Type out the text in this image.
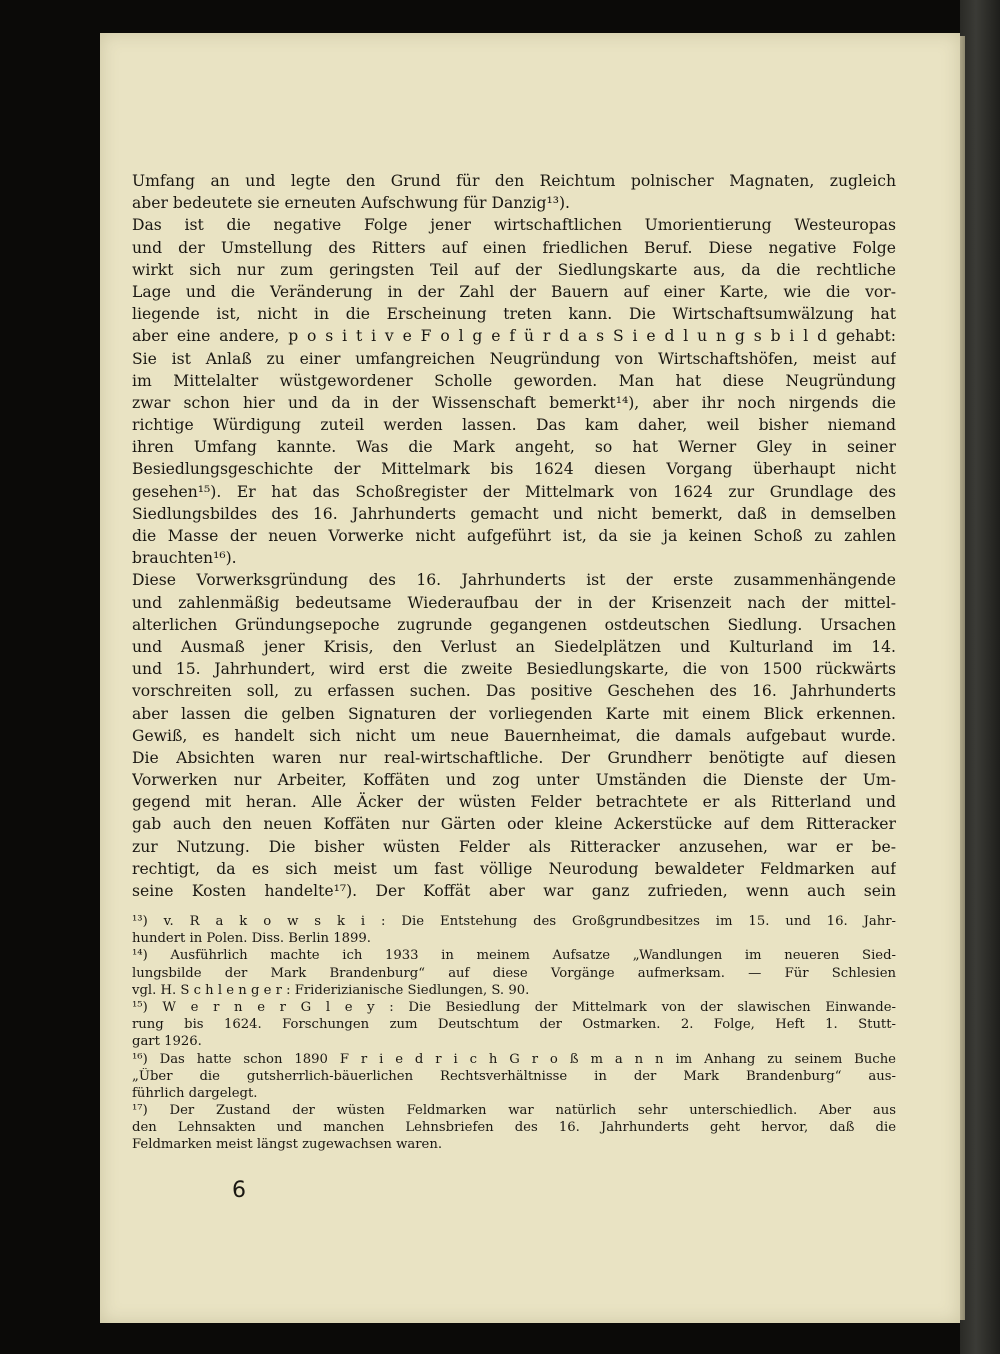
Umfang an und legte den Grund für den Reichtum polnischer Magnaten, zugleich
aber bedeutete sie erneuten Aufschwung für Danzig¹³).
Das ist die negative Folge jener wirtschaftlichen Umorientierung Westeuropas
und der Umstellung des Ritters auf einen friedlichen Beruf. Diese negative Folge
wirkt sich nur zum geringsten Teil auf der Siedlungskarte aus, da die rechtliche
Lage und die Veränderung in der Zahl der Bauern auf einer Karte, wie die vor-
liegende ist, nicht in die Erscheinung treten kann. Die Wirtschaftsumwälzung hat
aber eine andere, p o s i t i v e F o l g e f ü r d a s S i e d l u n g s b i l d gehabt:
Sie ist Anlaß zu einer umfangreichen Neugründung von Wirtschaftshöfen, meist auf
im Mittelalter wüstgewordener Scholle geworden. Man hat diese Neugründung
zwar schon hier und da in der Wissenschaft bemerkt¹⁴), aber ihr noch nirgends die
richtige Würdigung zuteil werden lassen. Das kam daher, weil bisher niemand
ihren Umfang kannte. Was die Mark angeht, so hat Werner Gley in seiner
Besiedlungsgeschichte der Mittelmark bis 1624 diesen Vorgang überhaupt nicht
gesehen¹⁵). Er hat das Schoßregister der Mittelmark von 1624 zur Grundlage des
Siedlungsbildes des 16. Jahrhunderts gemacht und nicht bemerkt, daß in demselben
die Masse der neuen Vorwerke nicht aufgeführt ist, da sie ja keinen Schoß zu zahlen
brauchten¹⁶).
Diese Vorwerksgründung des 16. Jahrhunderts ist der erste zusammenhängende
und zahlenmäßig bedeutsame Wiederaufbau der in der Krisenzeit nach der mittel-
alterlichen Gründungsepoche zugrunde gegangenen ostdeutschen Siedlung. Ursachen
und Ausmaß jener Krisis, den Verlust an Siedelplätzen und Kulturland im 14.
und 15. Jahrhundert, wird erst die zweite Besiedlungskarte, die von 1500 rückwärts
vorschreiten soll, zu erfassen suchen. Das positive Geschehen des 16. Jahrhunderts
aber lassen die gelben Signaturen der vorliegenden Karte mit einem Blick erkennen.
Gewiß, es handelt sich nicht um neue Bauernheimat, die damals aufgebaut wurde.
Die Absichten waren nur real-wirtschaftliche. Der Grundherr benötigte auf diesen
Vorwerken nur Arbeiter, Koffäten und zog unter Umständen die Dienste der Um-
gegend mit heran. Alle Äcker der wüsten Felder betrachtete er als Ritterland und
gab auch den neuen Koffäten nur Gärten oder kleine Ackerstücke auf dem Ritteracker
zur Nutzung. Die bisher wüsten Felder als Ritteracker anzusehen, war er be-
rechtigt, da es sich meist um fast völlige Neurodung bewaldeter Feldmarken auf
seine Kosten handelte¹⁷). Der Koffät aber war ganz zufrieden, wenn auch sein
¹³) v. R a k o w s k i : Die Entstehung des Großgrundbesitzes im 15. und 16. Jahr-
hundert in Polen. Diss. Berlin 1899.
¹⁴) Ausführlich machte ich 1933 in meinem Aufsatze „Wandlungen im neueren Sied-
lungsbilde der Mark Brandenburg“ auf diese Vorgänge aufmerksam. — Für Schlesien
vgl. H. S c h l e n g e r : Friderizianische Siedlungen, S. 90.
¹⁵) W e r n e r G l e y : Die Besiedlung der Mittelmark von der slawischen Einwande-
rung bis 1624. Forschungen zum Deutschtum der Ostmarken. 2. Folge, Heft 1. Stutt-
gart 1926.
¹⁶) Das hatte schon 1890 F r i e d r i c h G r o ß m a n n im Anhang zu seinem Buche
„Über die gutsherrlich-bäuerlichen Rechtsverhältnisse in der Mark Brandenburg“ aus-
führlich dargelegt.
¹⁷) Der Zustand der wüsten Feldmarken war natürlich sehr unterschiedlich. Aber aus
den Lehnsakten und manchen Lehnsbriefen des 16. Jahrhunderts geht hervor, daß die
Feldmarken meist längst zugewachsen waren.
6
